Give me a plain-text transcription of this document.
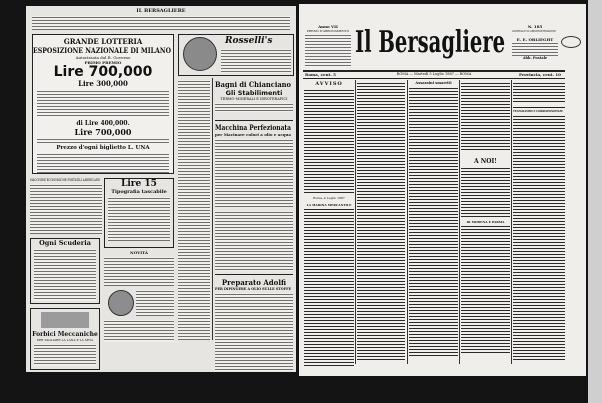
IL BERSAGLIERE
GRANDE LOTTERIA
ESPOSIZIONE NAZIONALE DI MILANO
Autorizzata dal R. Governo
PRIMO PREMIO
Lire 700,000
Lire 300,000
di Lire 400,000.
Lire 700,000
Prezzo d'ogni biglietto L. UNA
Rosselli's
Bagni di Chianciano
Gli Stabilimenti
TERMO-MINERALI E IDROTERAPICI
Macchina Perfezionata
per Macinare colori a olio e acqua
Preparato Adolfi
PER DIPINGERE A OLIO SULLE STOFFE
MACCHINE ECONOMICHE PORTATILI AMERICANE
Ogni Scuderia
Forbici Meccaniche
PER TAGLIARE LA LANA E LA SETA
Lire 15
Tipografia tascabile
NOVITÀ
Anno VII
PREZZI D'ABBONAMENTO Il Bersagliere	N. 185
GIORNALE DI AMMINISTRAZIONE
E. E. OBLIEGHT
Abb. Postale
Roma, cent. 5	ROMA — Martedì 5 Luglio 1887 — ROMA	Provincia, cent. 10
AVVISO
Roma, 4 Luglio 1887
LA MARINA MERCANTILE
Assassini smarriti
A NOI!
DI MODENA E PARMA
TELEGRAMMI E CORRISPONDENZE
